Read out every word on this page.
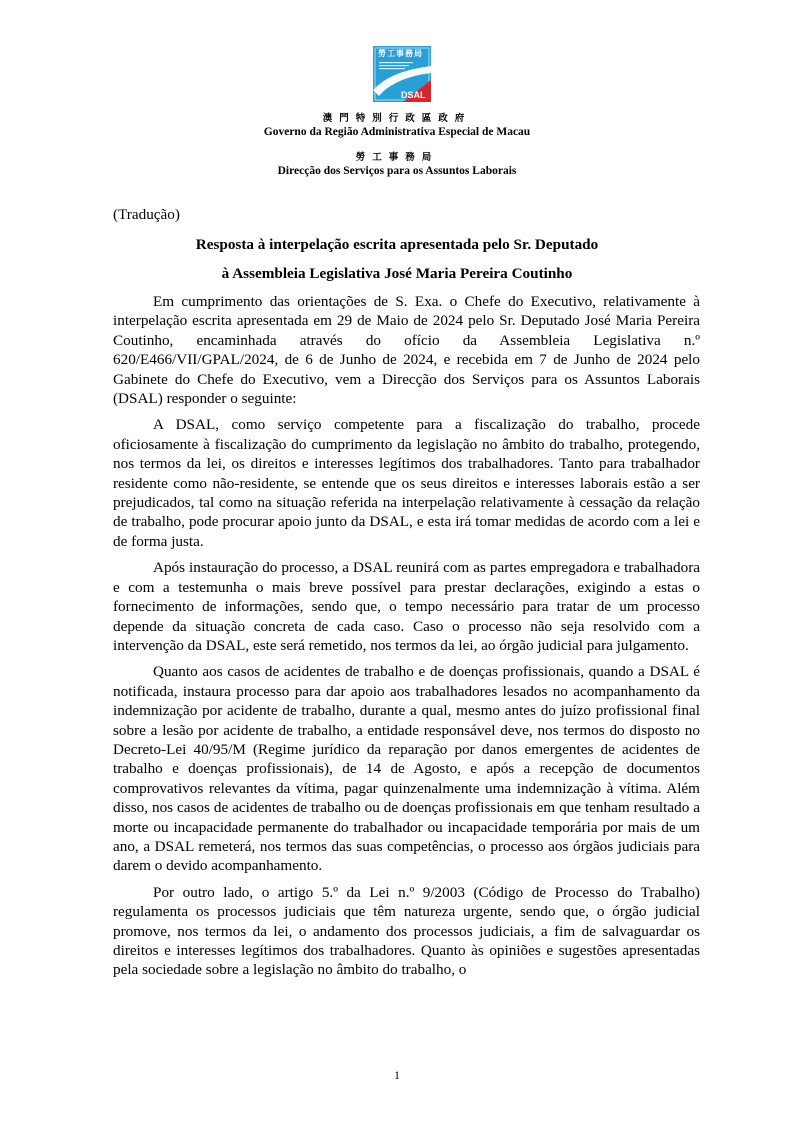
勞工事務局
DSAL
澳門特別行政區政府
Governo da Região Administrativa Especial de Macau
勞工事務局
Direcção dos Serviços para os Assuntos Laborais
(Tradução)
Resposta à interpelação escrita apresentada pelo Sr. Deputado
à Assembleia Legislativa José Maria Pereira Coutinho

Em cumprimento das orientações de S. Exa. o Chefe do Executivo, relativamente à interpelação escrita apresentada em 29 de Maio de 2024 pelo Sr. Deputado José Maria Pereira Coutinho, encaminhada através do ofício da Assembleia Legislativa n.º 620/E466/VII/GPAL/2024, de 6 de Junho de 2024, e recebida em 7 de Junho de 2024 pelo Gabinete do Chefe do Executivo, vem a Direcção dos Serviços para os Assuntos Laborais (DSAL) responder o seguinte:

A DSAL, como serviço competente para a fiscalização do trabalho, procede oficiosamente à fiscalização do cumprimento da legislação no âmbito do trabalho, protegendo, nos termos da lei, os direitos e interesses legítimos dos trabalhadores. Tanto para trabalhador residente como não-residente, se entende que os seus direitos e interesses laborais estão a ser prejudicados, tal como na situação referida na interpelação relativamente à cessação da relação de trabalho, pode procurar apoio junto da DSAL, e esta irá tomar medidas de acordo com a lei e de forma justa.

Após instauração do processo, a DSAL reunirá com as partes empregadora e trabalhadora e com a testemunha o mais breve possível para prestar declarações, exigindo a estas o fornecimento de informações, sendo que, o tempo necessário para tratar de um processo depende da situação concreta de cada caso. Caso o processo não seja resolvido com a intervenção da DSAL, este será remetido, nos termos da lei, ao órgão judicial para julgamento.

Quanto aos casos de acidentes de trabalho e de doenças profissionais, quando a DSAL é notificada, instaura processo para dar apoio aos trabalhadores lesados no acompanhamento da indemnização por acidente de trabalho, durante a qual, mesmo antes do juízo profissional final sobre a lesão por acidente de trabalho, a entidade responsável deve, nos termos do disposto no Decreto-Lei 40/95/M (Regime jurídico da reparação por danos emergentes de acidentes de trabalho e doenças profissionais), de 14 de Agosto, e após a recepção de documentos comprovativos relevantes da vítima, pagar quinzenalmente uma indemnização à vítima. Além disso, nos casos de acidentes de trabalho ou de doenças profissionais em que tenham resultado a morte ou incapacidade permanente do trabalhador ou incapacidade temporária por mais de um ano, a DSAL remeterá, nos termos das suas competências, o processo aos órgãos judiciais para darem o devido acompanhamento.

Por outro lado, o artigo 5.º da Lei n.º 9/2003 (Código de Processo do Trabalho) regulamenta os processos judiciais que têm natureza urgente, sendo que, o órgão judicial promove, nos termos da lei, o andamento dos processos judiciais, a fim de salvaguardar os direitos e interesses legítimos dos trabalhadores. Quanto às opiniões e sugestões apresentadas pela sociedade sobre a legislação no âmbito do trabalho, o

1
